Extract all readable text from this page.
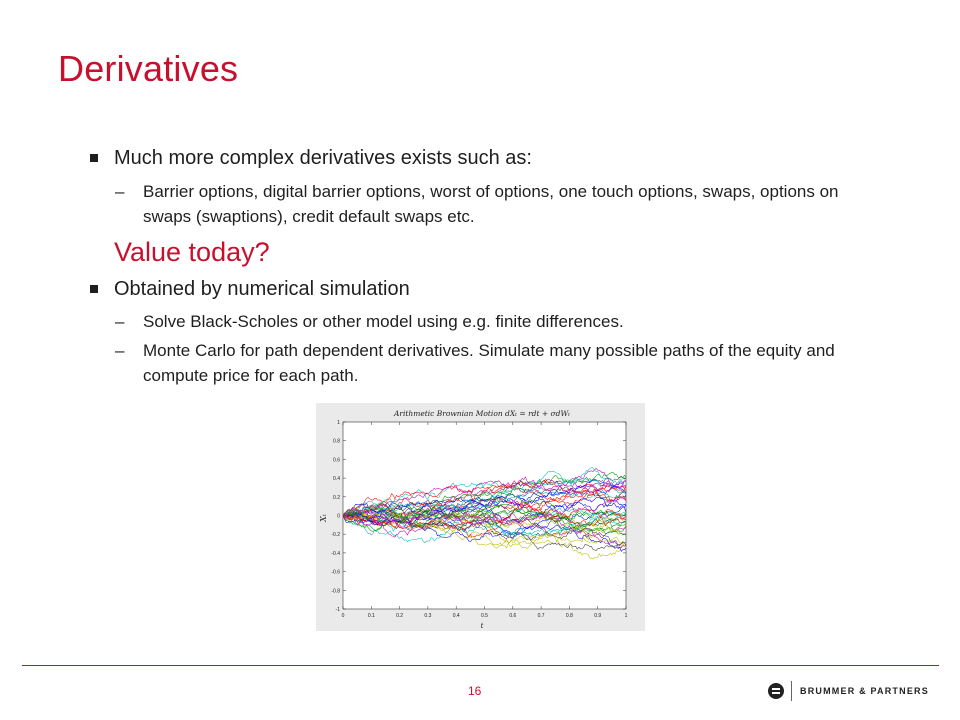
Derivatives

Much more complex derivatives exists such as:

– Barrier options, digital barrier options, worst of options, one touch options, swaps, options on swaps (swaptions), credit default swaps etc.

Value today?

Obtained by numerical simulation

– Solve Black-Scholes or other model using e.g. finite differences.

– Monte Carlo for path dependent derivatives. Simulate many possible paths of the equity and compute price for each path.

Arithmetic Brownian Motion dXₜ = rdt + σdWₜ
1
0.8
0.6
0.4
0.2
0
-0.2
-0.4
-0.6
-0.8
-1
0	0.1	0.2	0.3	0.4	0.5	0.6	0.7	0.8	0.9	1
Xₜ
t
16	BRUMMER & PARTNERS
